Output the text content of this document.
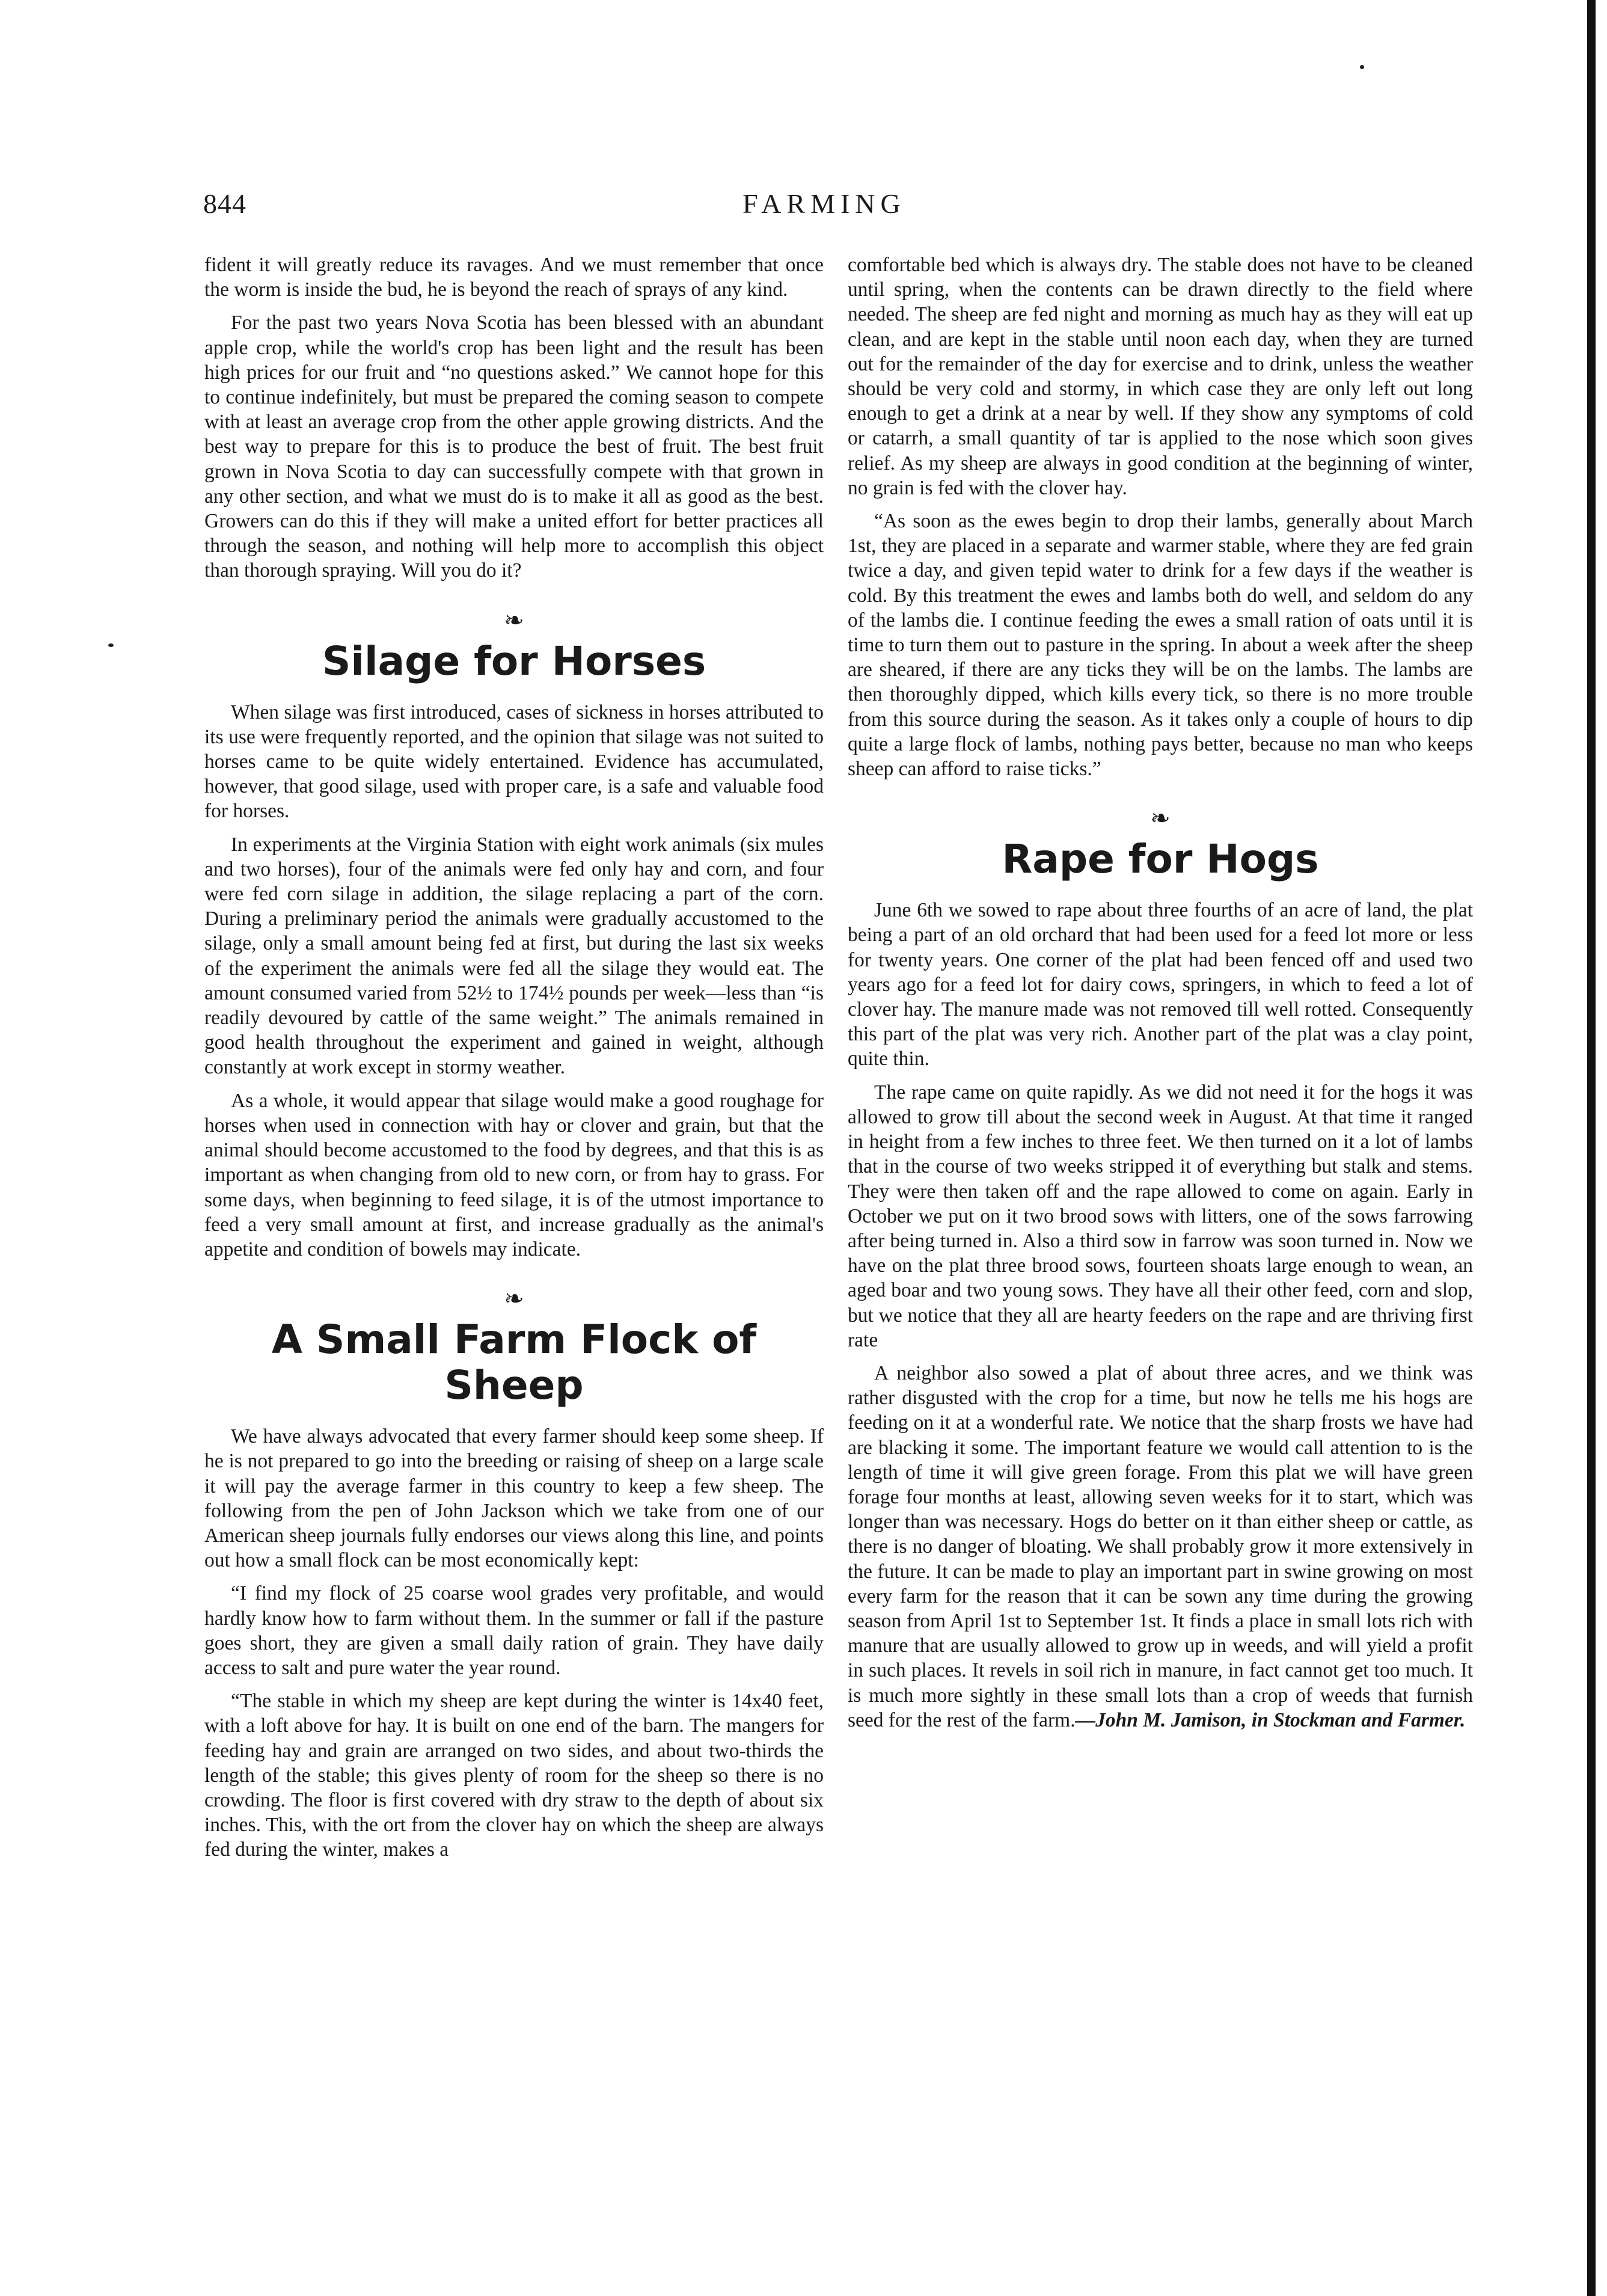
844	FARMING

fident it will greatly reduce its ravages. And we must remember that once the worm is inside the bud, he is beyond the reach of sprays of any kind.

For the past two years Nova Scotia has been blessed with an abundant apple crop, while the world's crop has been light and the result has been high prices for our fruit and “no questions asked.” We cannot hope for this to continue indefinitely, but must be prepared the coming season to compete with at least an average crop from the other apple growing districts. And the best way to prepare for this is to produce the best of fruit. The best fruit grown in Nova Scotia to day can successfully compete with that grown in any other section, and what we must do is to make it all as good as the best. Growers can do this if they will make a united effort for better practices all through the season, and nothing will help more to accomplish this object than thorough spraying. Will you do it?

❧
Silage for Horses

When silage was first introduced, cases of sickness in horses attributed to its use were frequently reported, and the opinion that silage was not suited to horses came to be quite widely entertained. Evidence has accumulated, however, that good silage, used with proper care, is a safe and valuable food for horses.

In experiments at the Virginia Station with eight work animals (six mules and two horses), four of the animals were fed only hay and corn, and four were fed corn silage in addition, the silage replacing a part of the corn. During a preliminary period the animals were gradually accustomed to the silage, only a small amount being fed at first, but during the last six weeks of the experiment the animals were fed all the silage they would eat. The amount consumed varied from 52½ to 174½ pounds per week—less than “is readily devoured by cattle of the same weight.” The animals remained in good health throughout the experiment and gained in weight, although constantly at work except in stormy weather.

As a whole, it would appear that silage would make a good roughage for horses when used in connection with hay or clover and grain, but that the animal should become accustomed to the food by degrees, and that this is as important as when changing from old to new corn, or from hay to grass. For some days, when beginning to feed silage, it is of the utmost importance to feed a very small amount at first, and increase gradually as the animal's appetite and condition of bowels may indicate.

❧
A Small Farm Flock of Sheep

We have always advocated that every farmer should keep some sheep. If he is not prepared to go into the breeding or raising of sheep on a large scale it will pay the average farmer in this country to keep a few sheep. The following from the pen of John Jackson which we take from one of our American sheep journals fully endorses our views along this line, and points out how a small flock can be most economically kept:

“I find my flock of 25 coarse wool grades very profitable, and would hardly know how to farm without them. In the summer or fall if the pasture goes short, they are given a small daily ration of grain. They have daily access to salt and pure water the year round.

“The stable in which my sheep are kept during the winter is 14x40 feet, with a loft above for hay. It is built on one end of the barn. The mangers for feeding hay and grain are arranged on two sides, and about two-thirds the length of the stable; this gives plenty of room for the sheep so there is no crowding. The floor is first covered with dry straw to the depth of about six inches. This, with the ort from the clover hay on which the sheep are always fed during the winter, makes a

comfortable bed which is always dry. The stable does not have to be cleaned until spring, when the contents can be drawn directly to the field where needed. The sheep are fed night and morning as much hay as they will eat up clean, and are kept in the stable until noon each day, when they are turned out for the remainder of the day for exercise and to drink, unless the weather should be very cold and stormy, in which case they are only left out long enough to get a drink at a near by well. If they show any symptoms of cold or catarrh, a small quantity of tar is applied to the nose which soon gives relief. As my sheep are always in good condition at the beginning of winter, no grain is fed with the clover hay.

“As soon as the ewes begin to drop their lambs, generally about March 1st, they are placed in a separate and warmer stable, where they are fed grain twice a day, and given tepid water to drink for a few days if the weather is cold. By this treatment the ewes and lambs both do well, and seldom do any of the lambs die. I continue feeding the ewes a small ration of oats until it is time to turn them out to pasture in the spring. In about a week after the sheep are sheared, if there are any ticks they will be on the lambs. The lambs are then thoroughly dipped, which kills every tick, so there is no more trouble from this source during the season. As it takes only a couple of hours to dip quite a large flock of lambs, nothing pays better, because no man who keeps sheep can afford to raise ticks.”

❧
Rape for Hogs

June 6th we sowed to rape about three fourths of an acre of land, the plat being a part of an old orchard that had been used for a feed lot more or less for twenty years. One corner of the plat had been fenced off and used two years ago for a feed lot for dairy cows, springers, in which to feed a lot of clover hay. The manure made was not removed till well rotted. Consequently this part of the plat was very rich. Another part of the plat was a clay point, quite thin.

The rape came on quite rapidly. As we did not need it for the hogs it was allowed to grow till about the second week in August. At that time it ranged in height from a few inches to three feet. We then turned on it a lot of lambs that in the course of two weeks stripped it of everything but stalk and stems. They were then taken off and the rape allowed to come on again. Early in October we put on it two brood sows with litters, one of the sows farrowing after being turned in. Also a third sow in farrow was soon turned in. Now we have on the plat three brood sows, fourteen shoats large enough to wean, an aged boar and two young sows. They have all their other feed, corn and slop, but we notice that they all are hearty feeders on the rape and are thriving first rate

A neighbor also sowed a plat of about three acres, and we think was rather disgusted with the crop for a time, but now he tells me his hogs are feeding on it at a wonderful rate. We notice that the sharp frosts we have had are blacking it some. The important feature we would call attention to is the length of time it will give green forage. From this plat we will have green forage four months at least, allowing seven weeks for it to start, which was longer than was necessary. Hogs do better on it than either sheep or cattle, as there is no danger of bloating. We shall probably grow it more extensively in the future. It can be made to play an important part in swine growing on most every farm for the reason that it can be sown any time during the growing season from April 1st to September 1st. It finds a place in small lots rich with manure that are usually allowed to grow up in weeds, and will yield a profit in such places. It revels in soil rich in manure, in fact cannot get too much. It is much more sightly in these small lots than a crop of weeds that furnish seed for the rest of the farm.—John M. Jamison, in Stockman and Farmer.
